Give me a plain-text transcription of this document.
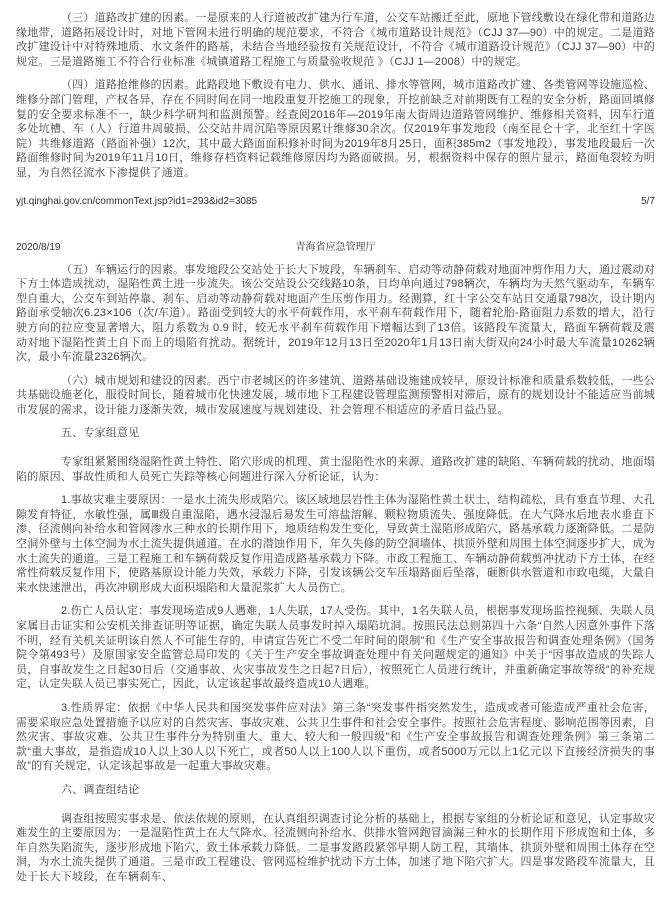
（三）道路改扩建的因素。一是原来的人行道被改扩建为行车道，公交车站搬迁至此，原地下管线敷设在绿化带和道路边缘地带，道路拓展设计时，对地下管网未进行明确的规范要求，不符合《城市道路设计规范》（CJJ 37—90）中的规定。二是道路改扩建设计中对特殊地质、水文条件的路基，未结合当地经验按有关规范设计，不符合《城市道路设计规范》（CJJ 37—90）中的规定。三是道路施工不符合行业标准《城镇道路工程施工与质量验收规范 》（CJJ 1—2008）中的规定。

（四）道路抢维修的因素。此路段地下敷设有电力、供水、通讯、排水等管网，城市道路改扩建、各类管网等设施巡检、维修分部门管理，产权各异，存在不同时间在同一地段重复开挖施工的现象，开挖前缺乏对前期既有工程的安全分析，路面回填修复的安全要求标准不一，缺少科学研判和监测预警。经查阅2016年—2019年南大街周边道路管网维护、维修相关资料，因车行道多处坑槽、车（人）行道井周破损、公交站井周沉陷等原因累计维修30余次。仅2019年事发地段（南至昆仑十字，北至红十字医院）共维修道路（路面补强）12次，其中最大路面面积修补时间为2019年8月25日，面积385m2（事发地段），事发地段最后一次路面维修时间为2019年11月10日，维修存档资料记载维修原因均为路面破损。另，根据资料中保存的照片显示，路面龟裂较为明显，为自然径流水下渗提供了通道。

yjt.qinghai.gov.cn/commonText.jsp?id1=293&id2=3085	5/7
2020/8/19	青海省应急管理厅

（五）车辆运行的因素。事发地段公交站处于长大下坡段，车辆刹车、启动等动静荷载对地面冲剪作用力大，通过震动对下方土体造成扰动，湿陷性黄土进一步流失。该公交站设公交线路10条，日均单向通过798辆次，车辆均为天然气驱动车，车辆车型自重大，公交车到站停靠、刹车、启动等动静荷载对地面产生压剪作用力。经测算，红十字公交车站日交通量798次，设计期内路面承受轴次6.23×106（次/车道）。路面受到较大的水平荷载作用，水平刹车荷载作用下，随着轮胎-路面阻力系数的增大，沿行驶方向的拉应变显著增大，阻力系数为 0.9 时，较无水平刹车荷载作用下增幅达到了13倍。该路段车流量大，路面车辆荷载及震动对地下湿陷性黄土自下而上的塌陷有扰动。据统计，2019年12月13日至2020年1月13日南大街双向24小时最大车流量10262辆次，最小车流量2326辆次。

（六）城市规划和建设的因素。西宁市老城区的许多建筑、道路基础设施建成较早，原设计标准和质量系数较低，一些公共基础设施老化，服役时间长，随着城市化快速发展，城市地下工程建设管理监测预警相对滞后，原有的规划设计不能适应当前城市发展的需求，设计能力逐渐失效，城市发展速度与规划建设、社会管理不相适应的矛盾日益凸显。

五、专家组意见

专家组紧紧围绕湿陷性黄土特性、陷穴形成的机理、黄土湿陷性水的来源、道路改扩建的缺陷、车辆荷载的扰动、地面塌陷的原因、事故性质和人员死亡失踪等核心问题进行深入分析论证，认为：

1.事故灾难主要原因：一是水土流失形成陷穴。该区域地层岩性主体为湿陷性黄土状土，结构疏松，具有垂直节理、大孔隙发育特征，水敏性强，属Ⅲ级自重湿陷，遇水浸湿后易发生可溶盐溶解、颗粒物质流失、强度降低。在大气降水后地表水垂直下渗、径流侧向补给水和管网渗水三种水的长期作用下，地质结构发生变化，导致黄土湿陷形成陷穴，路基承载力逐渐降低。二是防空洞外壁与土体空洞为水土流失提供通道。在水的潜蚀作用下，年久失修的防空洞墙体、拱顶外壁和周围土体空洞逐步扩大，成为水土流失的通道。三是工程施工和车辆荷载反复作用造成路基承载力下降。市政工程施工、车辆动静荷载剪冲扰动下方土体，在经常性荷载反复作用下，使路基原设计能力失效，承载力下降，引发该辆公交车压塌路面后坠落，砸断供水管道和市政电缆，大量自来水快速泄出，再次冲刷形成大面积塌陷和大量泥浆扩大人员伤亡。

2.伤亡人员认定：事发现场造成9人遇难，1人失联，17人受伤。其中，1名失联人员，根据事发现场监控视频、失联人员家属目击证实和公安机关排查证明等证据，确定失联人员事发时掉入塌陷坑洞。按照民法总则第四十六条“自然人因意外事件下落不明，经有关机关证明该自然人不可能生存的，申请宣告死亡不受二年时间的限制”和《生产安全事故报告和调查处理条例》（国务院令第493号）及原国家安全监管总局印发的《关于生产安全事故调查处理中有关问题规定的通知》中关于“因事故造成的失踪人员，自事故发生之日起30日后（交通事故、火灾事故发生之日起7日后），按照死亡人员进行统计，并重新确定事故等级”的补充规定，认定失联人员已事实死亡，因此，认定该起事故最终造成10人遇难。

3.性质界定：依据《中华人民共和国突发事件应对法》第三条“突发事件指突然发生，造成或者可能造成严重社会危害，需要采取应急处置措施予以应对的自然灾害、事故灾难、公共卫生事件和社会安全事件。按照社会危害程度、影响范围等因素，自然灾害、事故灾难、公共卫生事件分为特别重大、重大、较大和一般四级”和《生产安全事故报告和调查处理条例》第三条第二款“重大事故，是指造成10人以上30人以下死亡，或者50人以上100人以下重伤，或者5000万元以上1亿元以下直接经济损失的事故”的有关规定，认定该起事故是一起重大事故灾难。

六、调查组结论

调查组按照实事求是、依法依规的原则，在认真组织调查讨论分析的基础上，根据专家组的分析论证和意见，认定事故灾难发生的主要原因为：一是湿陷性黄土在大气降水、径流侧向补给水、供排水管网跑冒滴漏三种水的长期作用下形成饱和土体，多年自然失陷流失，逐步形成地下陷穴，致土体承载力降低。二是事发路段紧邻早期人防工程，其墙体、拱顶外壁和周围土体存在空洞，为水土流失提供了通道。三是市政工程建设、管网巡检维护扰动下方土体，加速了地下陷穴扩大。四是事发路段车流量大，且处于长大下坡段，在车辆刹车、
